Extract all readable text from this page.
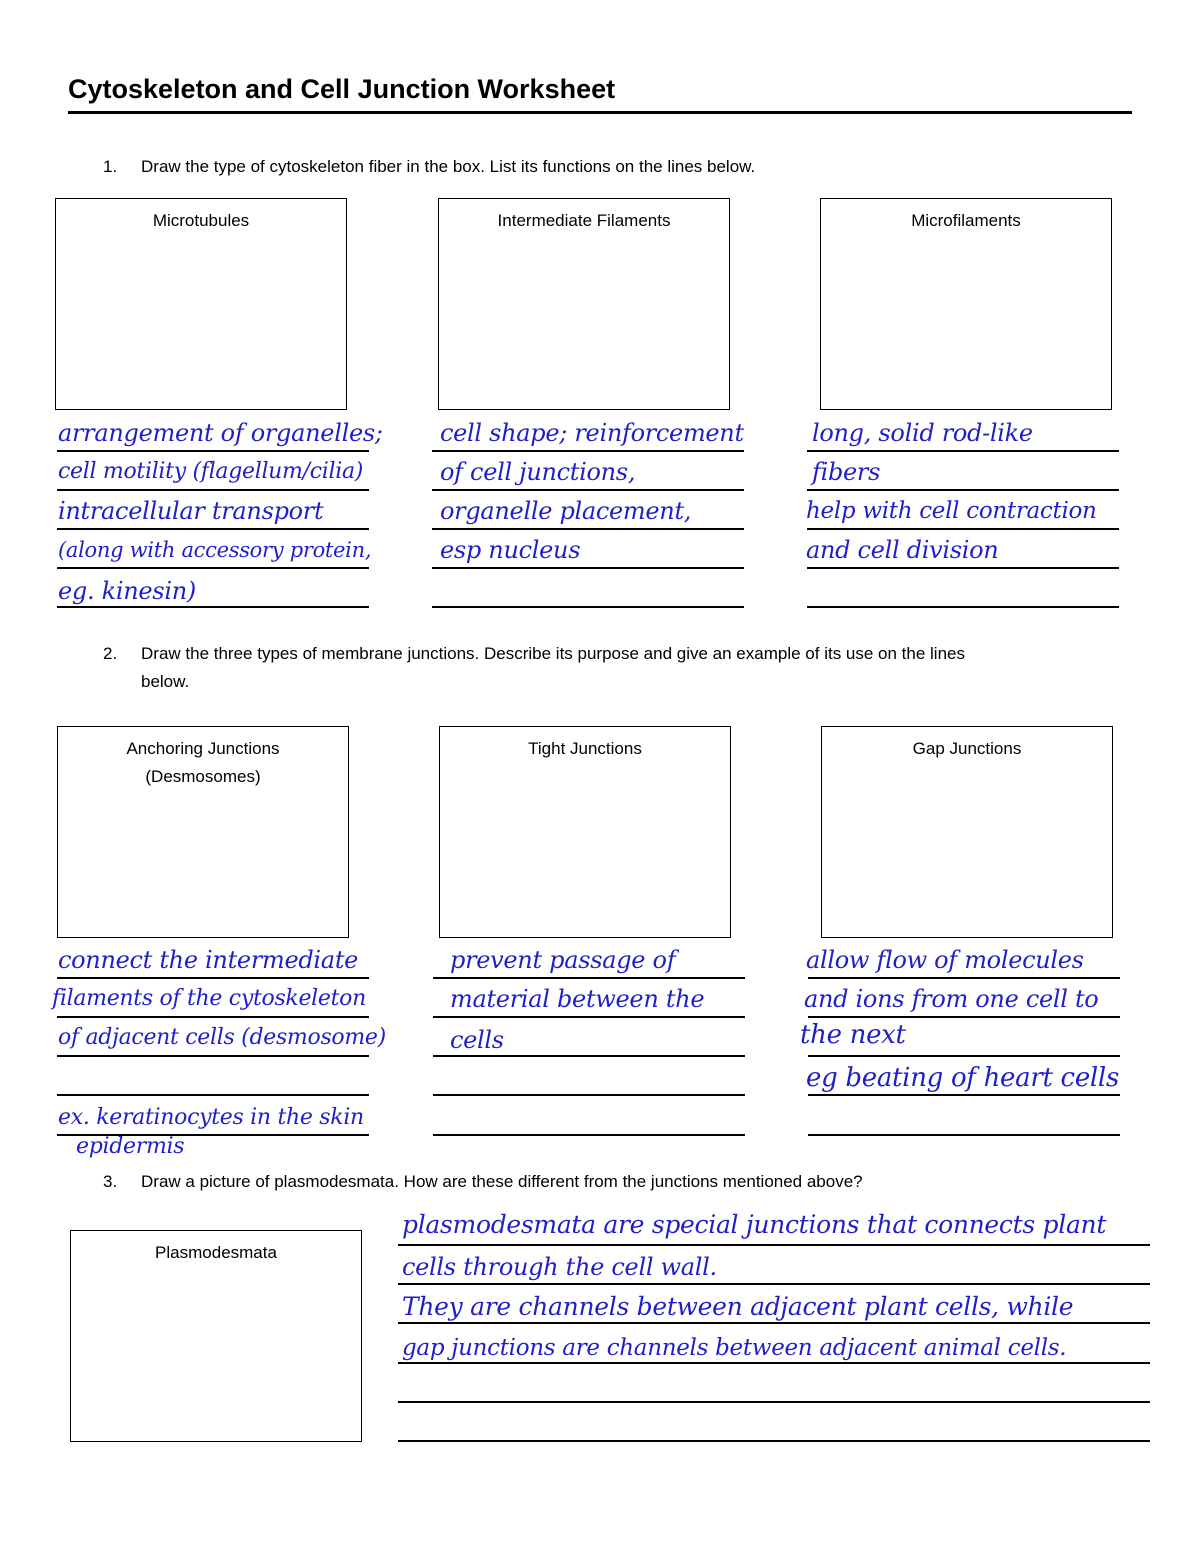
Cytoskeleton and Cell Junction Worksheet
1. Draw the type of cytoskeleton fiber in the box. List its functions on the lines below.
Microtubules	Intermediate Filaments	Microfilaments
arrangement of organelles;
cell motility (flagellum/cilia)
intracellular transport
(along with accessory protein,
eg. kinesin)
cell shape; reinforcement
of cell junctions,
organelle placement,
esp nucleus
long, solid rod-like
fibers
help with cell contraction
and cell division
2. Draw the three types of membrane junctions. Describe its purpose and give an example of its use on the lines
below.
Anchoring Junctions
(Desmosomes)
Tight Junctions	Gap Junctions
connect the intermediate
filaments of the cytoskeleton
of adjacent cells (desmosome)
ex. keratinocytes in the skin
epidermis
prevent passage of
material between the
cells
allow flow of molecules
and ions from one cell to
the next
eg beating of heart cells
3. Draw a picture of plasmodesmata. How are these different from the junctions mentioned above?
Plasmodesmata
plasmodesmata are special junctions that connects plant
cells through the cell wall.
They are channels between adjacent plant cells, while
gap junctions are channels between adjacent animal cells.
